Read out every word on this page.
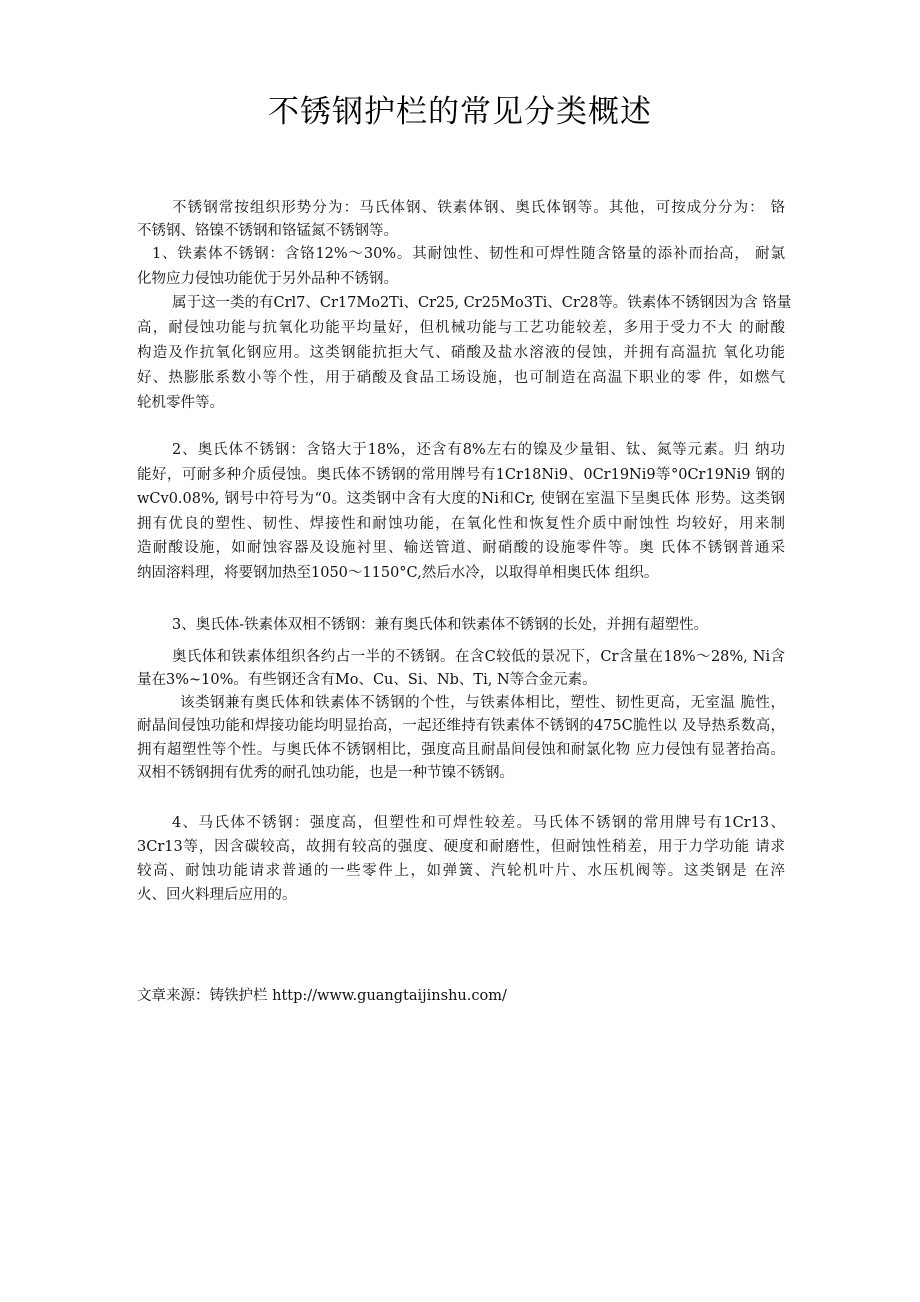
不锈钢护栏的常见分类概述
不锈钢常按组织形势分为：马氏体钢、铁素体钢、奥氏体钢等。其他，可按成分分为： 铬
不锈钢、铬镍不锈钢和铬锰氮不锈钢等。
1、铁素体不锈钢：含铬12%〜30%。其耐蚀性、韧性和可焊性随含铬量的添补而抬高， 耐氯
化物应力侵蚀功能优于另外品种不锈钢。
属于这一类的有Crl7、Cr17Mo2Ti、Cr25, Cr25Mo3Ti、Cr28等。铁素体不锈钢因为含 铬量
高，耐侵蚀功能与抗氧化功能平均量好，但机械功能与工艺功能较差，多用于受力不大 的耐酸
构造及作抗氧化钢应用。这类钢能抗拒大气、硝酸及盐水溶液的侵蚀，并拥有高温抗 氧化功能
好、热膨胀系数小等个性，用于硝酸及食品工场设施，也可制造在高温下职业的零 件，如燃气
轮机零件等。
2、奥氏体不锈钢：含铬大于18%，还含有8%左右的镍及少量钼、钛、氮等元素。归 纳功
能好，可耐多种介质侵蚀。奥氏体不锈钢的常用牌号有1Cr18Ni9、0Cr19Ni9等°0Cr19Ni9 钢的
wCv0.08%, 钢号中符号为“0。这类钢中含有大度的Ni和Cr, 使钢在室温下呈奥氏体 形势。这类钢
拥有优良的塑性、韧性、焊接性和耐蚀功能，在氧化性和恢复性介质中耐蚀性 均较好，用来制
造耐酸设施，如耐蚀容器及设施衬里、输送管道、耐硝酸的设施零件等。奥 氏体不锈钢普通采
纳固溶料理，将要钢加热至1050〜1150°C,然后水冷，以取得单相奥氏体 组织。
3、奥氏体-铁素体双相不锈钢：兼有奥氏体和铁素体不锈钢的长处，并拥有超塑性。
奥氏体和铁素体组织各约占一半的不锈钢。在含C较低的景况下，Cr含量在18%〜28%, Ni含
量在3%~10%。有些钢还含有Mo、Cu、Si、Nb、Ti, N等合金元素。
该类钢兼有奥氏体和铁素体不锈钢的个性，与铁素体相比，塑性、韧性更高，无室温 脆性，
耐晶间侵蚀功能和焊接功能均明显抬高，一起还维持有铁素体不锈钢的475C脆性以 及导热系数高，
拥有超塑性等个性。与奥氏体不锈钢相比，强度高且耐晶间侵蚀和耐氯化物 应力侵蚀有显著抬高。
双相不锈钢拥有优秀的耐孔蚀功能，也是一种节镍不锈钢。
4、马氏体不锈钢：强度高，但塑性和可焊性较差。马氏体不锈钢的常用牌号有1Cr13、
3Cr13等，因含碳较高，故拥有较高的强度、硬度和耐磨性，但耐蚀性稍差，用于力学功能 请求
较高、耐蚀功能请求普通的一些零件上，如弹簧、汽轮机叶片、水压机阀等。这类钢是 在淬
火、回火料理后应用的。
文章来源：铸铁护栏 http://www.guangtaijinshu.com/
